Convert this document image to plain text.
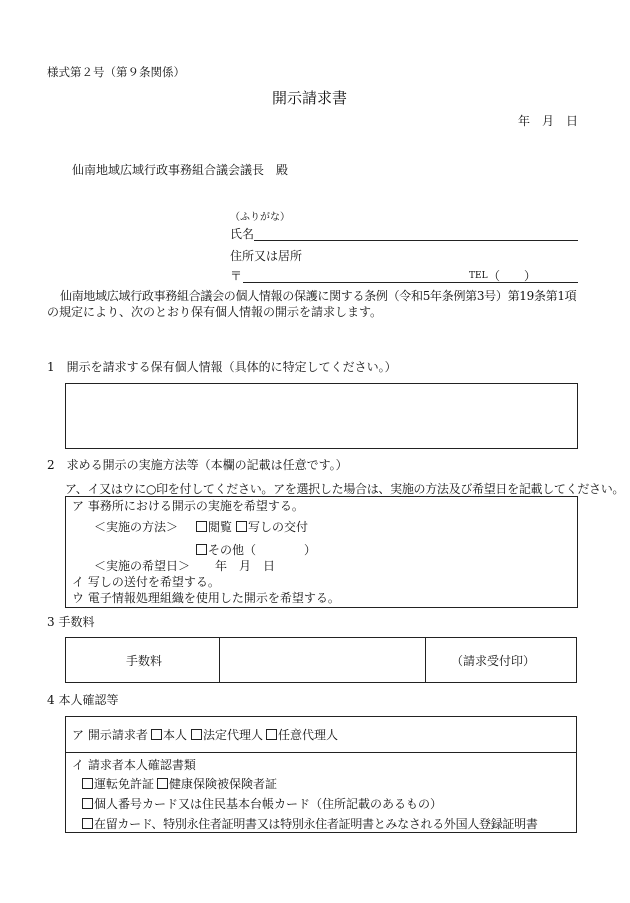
様式第２号（第９条関係）
開示請求書
年　月　日
仙南地域広域行政事務組合議会議長　殿
（ふりがな）
氏名
住所又は居所
〒	TEL （　　）
仙南地域広域行政事務組合議会の個人情報の保護に関する条例（令和5年条例第3号）第19条第1項
の規定により、次のとおり保有個人情報の開示を請求します。
1　開示を請求する保有個人情報（具体的に特定してください。）
2　求める開示の実施方法等（本欄の記載は任意です。）
ア、イ又はウに○印を付してください。アを選択した場合は、実施の方法及び希望日を記載してください。
ア 事務所における開示の実施を希望する。
＜実施の方法＞	閲覧	写しの交付
その他（　　　　）
＜実施の希望日＞ 年　月　日
イ 写しの送付を希望する。
ウ 電子情報処理組織を使用した開示を希望する。
3 手数料
手数料	（請求受付印）
4 本人確認等
ア 開示請求者	本人	法定代理人	任意代理人
イ 請求者本人確認書類
運転免許証	健康保険被保険者証
個人番号カード又は住民基本台帳カード（住所記載のあるもの）
在留カード、特別永住者証明書又は特別永住者証明書とみなされる外国人登録証明書
